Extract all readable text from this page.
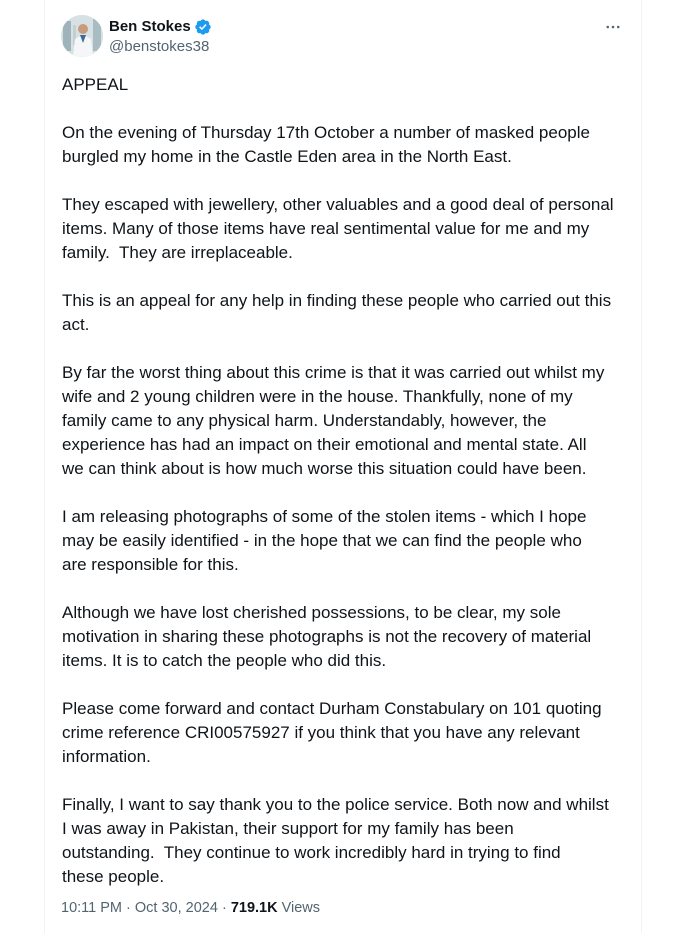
Ben Stokes
@benstokes38

APPEAL

On the evening of Thursday 17th October a number of masked people
burgled my home in the Castle Eden area in the North East.

They escaped with jewellery, other valuables and a good deal of personal
items. Many of those items have real sentimental value for me and my
family.  They are irreplaceable.

This is an appeal for any help in finding these people who carried out this
act.

By far the worst thing about this crime is that it was carried out whilst my
wife and 2 young children were in the house. Thankfully, none of my
family came to any physical harm. Understandably, however, the
experience has had an impact on their emotional and mental state. All
we can think about is how much worse this situation could have been.

I am releasing photographs of some of the stolen items - which I hope
may be easily identified - in the hope that we can find the people who
are responsible for this.

Although we have lost cherished possessions, to be clear, my sole
motivation in sharing these photographs is not the recovery of material
items. It is to catch the people who did this.

Please come forward and contact Durham Constabulary on 101 quoting
crime reference CRI00575927 if you think that you have any relevant
information.

Finally, I want to say thank you to the police service. Both now and whilst
I was away in Pakistan, their support for my family has been
outstanding.  They continue to work incredibly hard in trying to find
these people.

10:11 PM · Oct 30, 2024 · 719.1K Views
